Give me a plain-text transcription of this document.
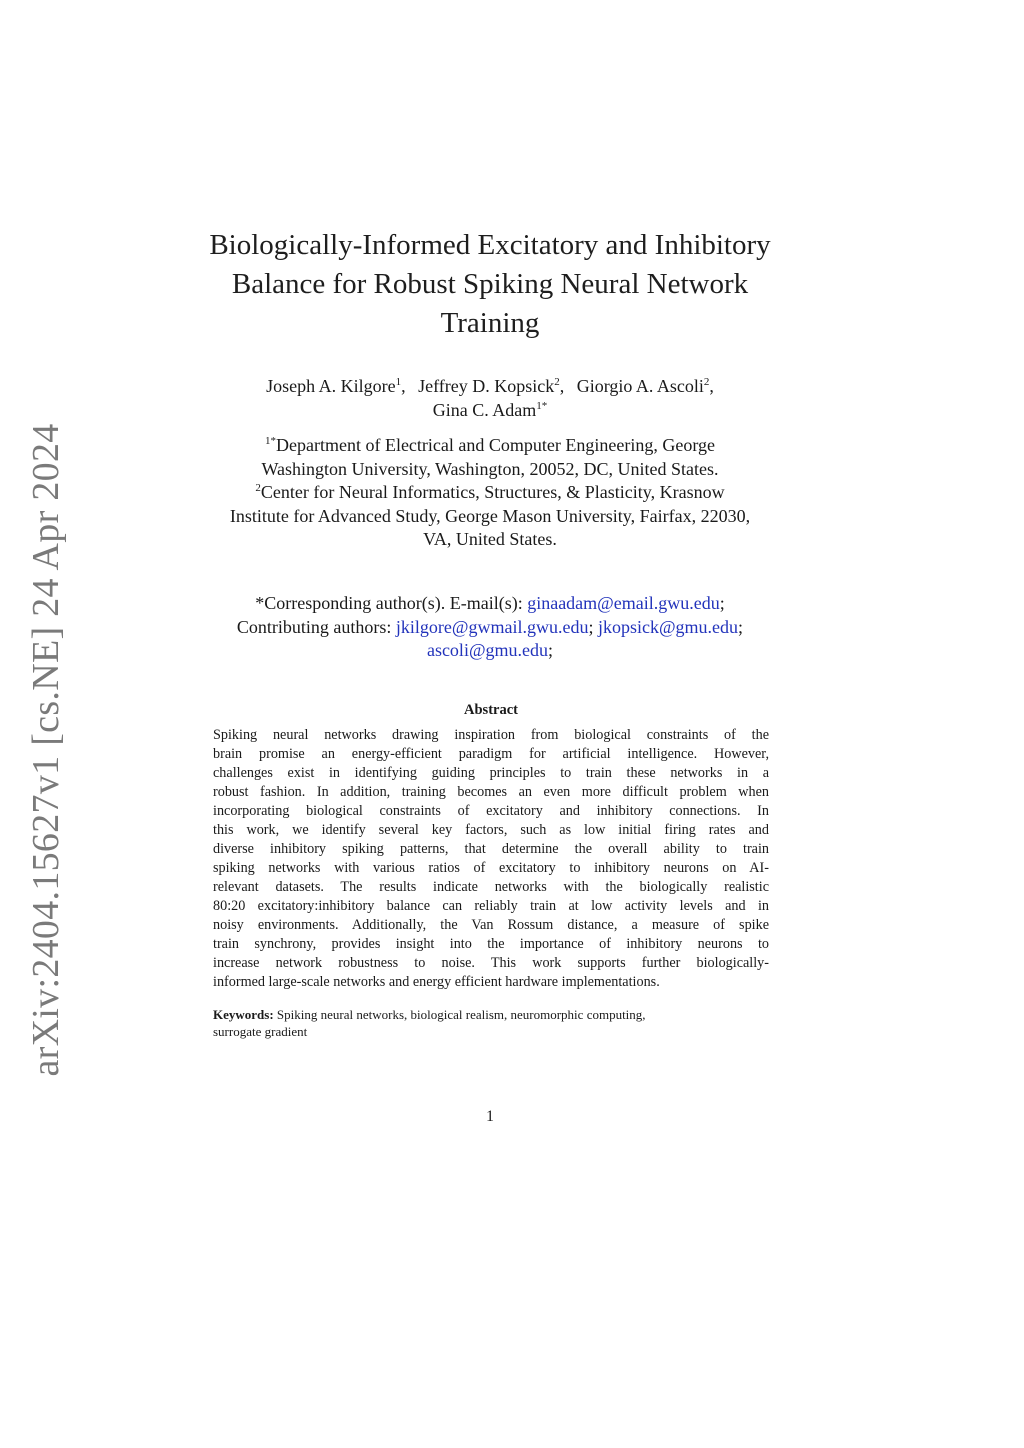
arXiv:2404.15627v1 [cs.NE] 24 Apr 2024
Biologically-Informed Excitatory and Inhibitory
Balance for Robust Spiking Neural Network
Training
Joseph A. Kilgore$^1$, Jeffrey D. Kopsick$^2$, Giorgio A. Ascoli$^2$,
Gina C. Adam$^{1*}$
$^{1*}$Department of Electrical and Computer Engineering, George
Washington University, Washington, 20052, DC, United States.
$^2$Center for Neural Informatics, Structures, & Plasticity, Krasnow
Institute for Advanced Study, George Mason University, Fairfax, 22030,
VA, United States.
*Corresponding author(s). E-mail(s): ginaadam@email.gwu.edu;
Contributing authors: jkilgore@gwmail.gwu.edu; jkopsick@gmu.edu;
ascoli@gmu.edu;
Abstract
Spiking neural networks drawing inspiration from biological constraints of the
brain promise an energy-efficient paradigm for artificial intelligence. However,
challenges exist in identifying guiding principles to train these networks in a
robust fashion. In addition, training becomes an even more difficult problem when
incorporating biological constraints of excitatory and inhibitory connections. In
this work, we identify several key factors, such as low initial firing rates and
diverse inhibitory spiking patterns, that determine the overall ability to train
spiking networks with various ratios of excitatory to inhibitory neurons on AI-
relevant datasets. The results indicate networks with the biologically realistic
80:20 excitatory:inhibitory balance can reliably train at low activity levels and in
noisy environments. Additionally, the Van Rossum distance, a measure of spike
train synchrony, provides insight into the importance of inhibitory neurons to
increase network robustness to noise. This work supports further biologically-
informed large-scale networks and energy efficient hardware implementations.
Keywords: Spiking neural networks, biological realism, neuromorphic computing,
surrogate gradient
1
